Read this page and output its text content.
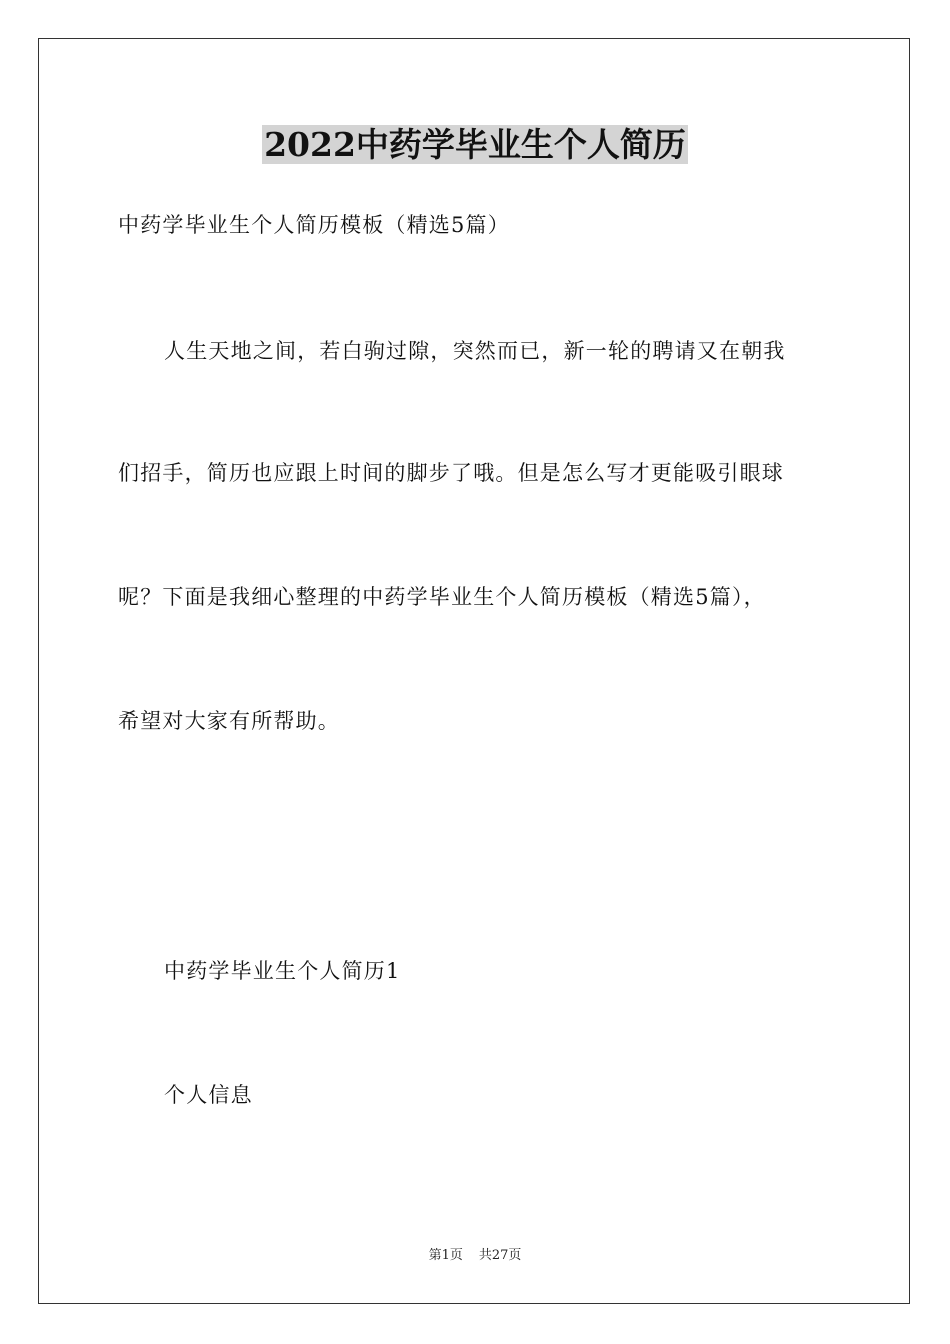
2022中药学毕业生个人简历

中药学毕业生个人简历模板（精选5篇）

人生天地之间，若白驹过隙，突然而已，新一轮的聘请又在朝我

们招手，简历也应跟上时间的脚步了哦。但是怎么写才更能吸引眼球

呢？下面是我细心整理的中药学毕业生个人简历模板（精选5篇），

希望对大家有所帮助。

中药学毕业生个人简历1

个人信息

第1页 共27页
